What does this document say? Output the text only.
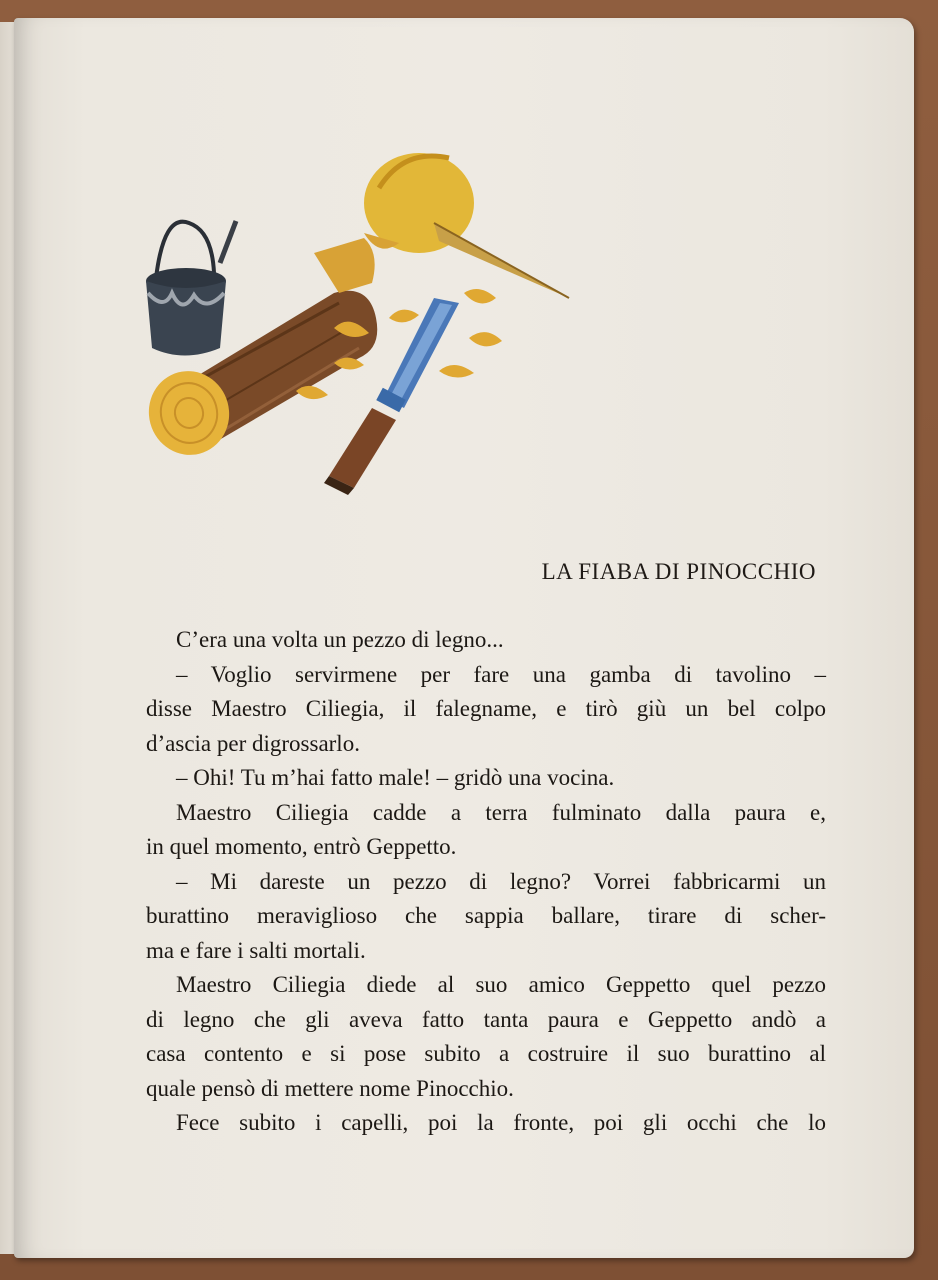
LA FIABA DI PINOCCHIO
C’era una volta un pezzo di legno...
– Voglio servirmene per fare una gamba di tavolino –
disse Maestro Ciliegia, il falegname, e tirò giù un bel colpo
d’ascia per digrossarlo.
– Ohi! Tu m’hai fatto male! – gridò una vocina.
Maestro Ciliegia cadde a terra fulminato dalla paura e,
in quel momento, entrò Geppetto.
– Mi dareste un pezzo di legno? Vorrei fabbricarmi un
burattino meraviglioso che sappia ballare, tirare di scher-
ma e fare i salti mortali.
Maestro Ciliegia diede al suo amico Geppetto quel pezzo
di legno che gli aveva fatto tanta paura e Geppetto andò a
casa contento e si pose subito a costruire il suo burattino al
quale pensò di mettere nome Pinocchio.
Fece subito i capelli, poi la fronte, poi gli occhi che lo
